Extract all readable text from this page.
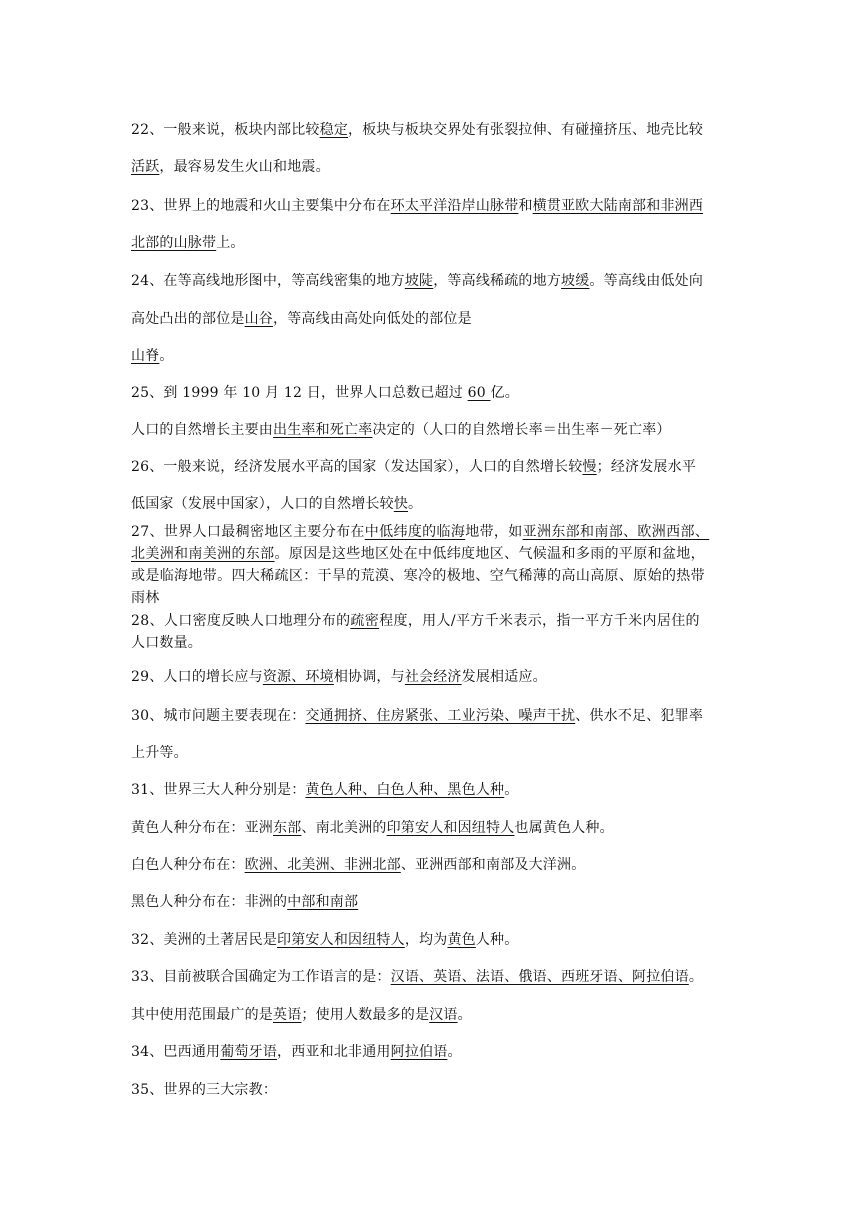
22、一般来说，板块内部比较稳定，板块与板块交界处有张裂拉伸、有碰撞挤压、地壳比较

活跃，最容易发生火山和地震。

23、世界上的地震和火山主要集中分布在环太平洋沿岸山脉带和横贯亚欧大陆南部和非洲西

北部的山脉带上。

24、在等高线地形图中，等高线密集的地方坡陡，等高线稀疏的地方坡缓。等高线由低处向

高处凸出的部位是山谷，等高线由高处向低处的部位是

山脊。

25、到 1999 年 10 月 12 日，世界人口总数已超过 60 亿。

人口的自然增长主要由出生率和死亡率决定的（人口的自然增长率＝出生率－死亡率）

26、一般来说，经济发展水平高的国家（发达国家），人口的自然增长较慢；经济发展水平

低国家（发展中国家），人口的自然增长较快。

27、世界人口最稠密地区主要分布在中低纬度的临海地带，如亚洲东部和南部、欧洲西部、

北美洲和南美洲的东部。原因是这些地区处在中低纬度地区、气候温和多雨的平原和盆地，

或是临海地带。四大稀疏区：干旱的荒漠、寒冷的极地、空气稀薄的高山高原、原始的热带

雨林

28、人口密度反映人口地理分布的疏密程度，用人/平方千米表示，指一平方千米内居住的

人口数量。

29、人口的增长应与资源、环境相协调，与社会经济发展相适应。

30、城市问题主要表现在：交通拥挤、住房紧张、工业污染、噪声干扰、供水不足、犯罪率

上升等。

31、世界三大人种分别是：黄色人种、白色人种、黑色人种。

黄色人种分布在：亚洲东部、南北美洲的印第安人和因纽特人也属黄色人种。

白色人种分布在：欧洲、北美洲、非洲北部、亚洲西部和南部及大洋洲。

黑色人种分布在：非洲的中部和南部

32、美洲的土著居民是印第安人和因纽特人，均为黄色人种。

33、目前被联合国确定为工作语言的是：汉语、英语、法语、俄语、西班牙语、阿拉伯语。

其中使用范围最广的是英语；使用人数最多的是汉语。

34、巴西通用葡萄牙语，西亚和北非通用阿拉伯语。

35、世界的三大宗教：
